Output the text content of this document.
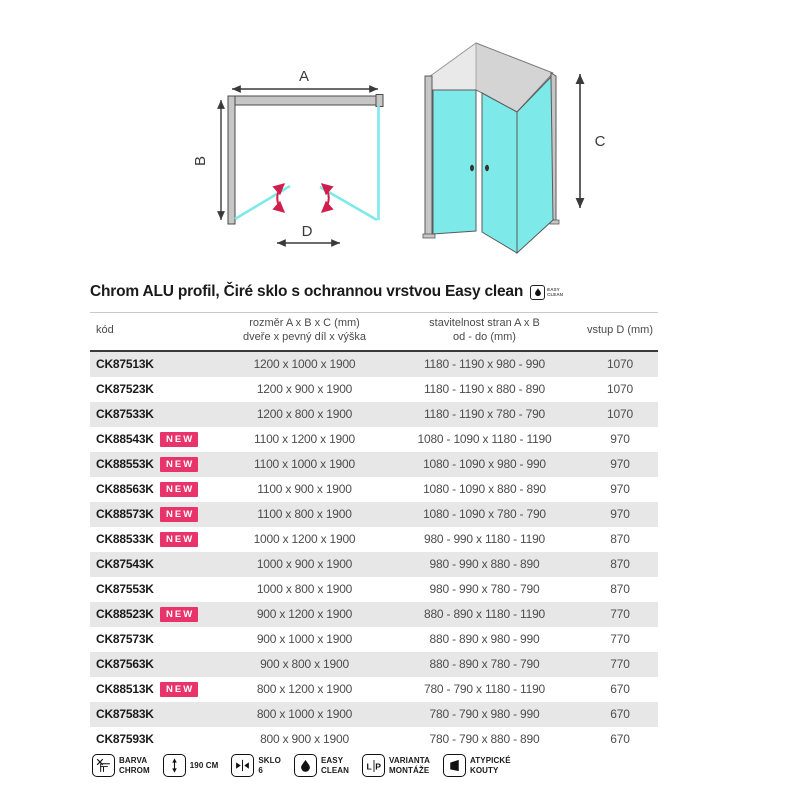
A
B
D
C
Chrom ALU profil, Čiré sklo s ochrannou vrstvou Easy clean	EASY
CLEAN
kód
rozměr A x B x C (mm)
dveře x pevný díl x výška
stavitelnost stran A x B
od - do (mm)
vstup D (mm)
CK87513K	1200 x 1000 x 1900	1180 - 1190 x 980 - 990	1070
CK87523K	1200 x 900 x 1900	1180 - 1190 x 880 - 890	1070
CK87533K	1200 x 800 x 1900	1180 - 1190 x 780 - 790	1070
CK88543K	NEW	1100 x 1200 x 1900	1080 - 1090 x 1180 - 1190	970
CK88553K	NEW	1100 x 1000 x 1900	1080 - 1090 x 980 - 990	970
CK88563K	NEW	1100 x 900 x 1900	1080 - 1090 x 880 - 890	970
CK88573K	NEW	1100 x 800 x 1900	1080 - 1090 x 780 - 790	970
CK88533K	NEW	1000 x 1200 x 1900	980 - 990 x 1180 - 1190	870
CK87543K	1000 x 900 x 1900	980 - 990 x 880 - 890	870
CK87553K	1000 x 800 x 1900	980 - 990 x 780 - 790	870
CK88523K	NEW	900 x 1200 x 1900	880 - 890 x 1180 - 1190	770
CK87573K	900 x 1000 x 1900	880 - 890 x 980 - 990	770
CK87563K	900 x 800 x 1900	880 - 890 x 780 - 790	770
CK88513K	NEW	800 x 1200 x 1900	780 - 790 x 1180 - 1190	670
CK87583K	800 x 1000 x 1900	780 - 790 x 980 - 990	670
CK87593K	800 x 900 x 1900	780 - 790 x 880 - 890	670
BARVA
CHROM
190 CM
SKLO
6
EASY
CLEAN L P
VARIANTA
MONTÁŽE
ATYPICKÉ
KOUTY
